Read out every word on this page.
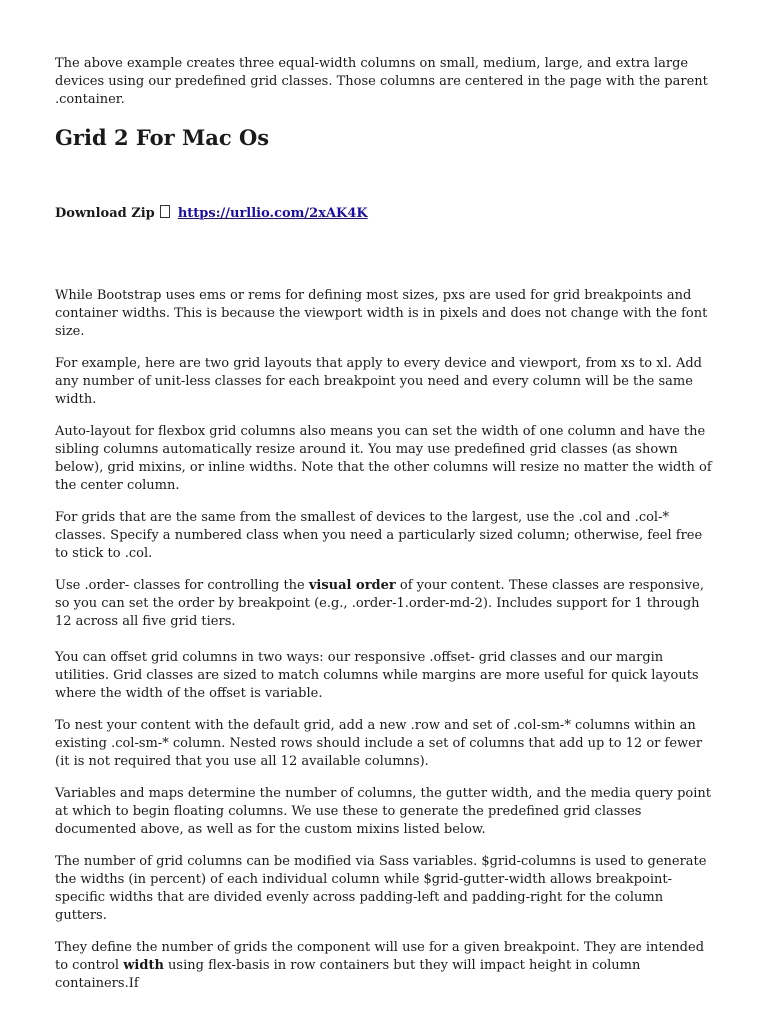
The above example creates three equal-width columns on small, medium, large, and extra large devices using our predefined grid classes. Those columns are centered in the page with the parent .container.

Grid 2 For Mac Os
Download Zip https://urllio.com/2xAK4K

While Bootstrap uses ems or rems for defining most sizes, pxs are used for grid breakpoints and container widths. This is because the viewport width is in pixels and does not change with the font size.

For example, here are two grid layouts that apply to every device and viewport, from xs to xl. Add any number of unit-less classes for each breakpoint you need and every column will be the same width.

Auto-layout for flexbox grid columns also means you can set the width of one column and have the sibling columns automatically resize around it. You may use predefined grid classes (as shown below), grid mixins, or inline widths. Note that the other columns will resize no matter the width of the center column.

For grids that are the same from the smallest of devices to the largest, use the .col and .col-* classes. Specify a numbered class when you need a particularly sized column; otherwise, feel free to stick to .col.

Use .order- classes for controlling the visual order of your content. These classes are responsive, so you can set the order by breakpoint (e.g., .order-1.order-md-2). Includes support for 1 through 12 across all five grid tiers.

You can offset grid columns in two ways: our responsive .offset- grid classes and our margin utilities. Grid classes are sized to match columns while margins are more useful for quick layouts where the width of the offset is variable.

To nest your content with the default grid, add a new .row and set of .col-sm-* columns within an existing .col-sm-* column. Nested rows should include a set of columns that add up to 12 or fewer (it is not required that you use all 12 available columns).

Variables and maps determine the number of columns, the gutter width, and the media query point at which to begin floating columns. We use these to generate the predefined grid classes documented above, as well as for the custom mixins listed below.

The number of grid columns can be modified via Sass variables. $grid-columns is used to generate the widths (in percent) of each individual column while $grid-gutter-width allows breakpoint-specific widths that are divided evenly across padding-left and padding-right for the column gutters.

They define the number of grids the component will use for a given breakpoint. They are intended to control width using flex-basis in row containers but they will impact height in column containers.If
